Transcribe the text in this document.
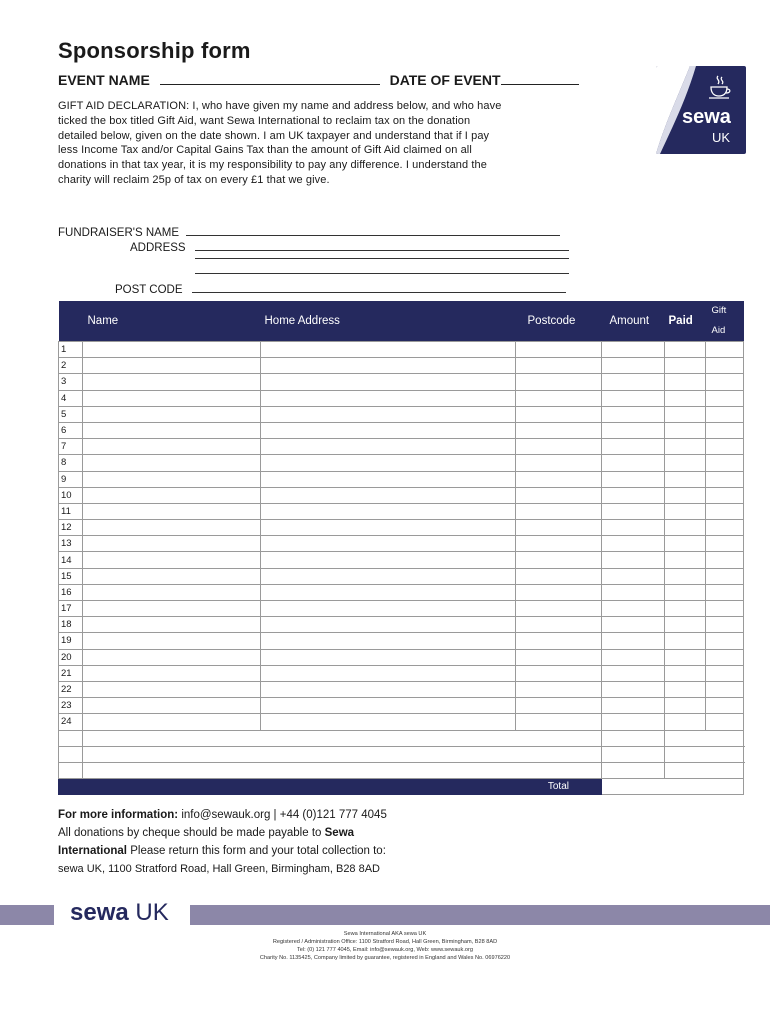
Sponsorship form
EVENT NAME	DATE OF EVENT
GIFT AID DECLARATION: I, who have given my name and address below, and who have ticked the box titled Gift Aid, want Sewa International to reclaim tax on the donation detailed below, given on the date shown. I am UK taxpayer and understand that if I pay less Income Tax and/or Capital Gains Tax than the amount of Gift Aid claimed on all donations in that tax year, it is my responsibility to pay any difference. I understand the charity will reclaim 25p of tax on every £1 that we give.
sewa
UK
FUNDRAISER'S NAME
ADDRESS
POST CODE
	Name	Home Address	Postcode	Amount	Paid	Gift Aid
1						
2						
3						
4						
5						
6						
7						
8						
9						
10						
11						
12						
13						
14						
15						
16						
17						
18						
19						
20						
21						
22						
23						
24						

Total						
For more information: info@sewauk.org | +44 (0)121 777 4045 All donations by cheque should be made payable to Sewa International Please return this form and your total collection to:
sewa UK, 1100 Stratford Road, Hall Green, Birmingham, B28 8AD
sewa UK
Sewa International AKA sewa UK
Registered / Administration Office: 1100 Stratford Road, Hall Green, Birmingham, B28 8AD
Tel: (0) 121 777 4045, Email: info@sewauk.org, Web: www.sewauk.org
Charity No. 1135425, Company limited by guarantee, registered in England and Wales No. 06976220
